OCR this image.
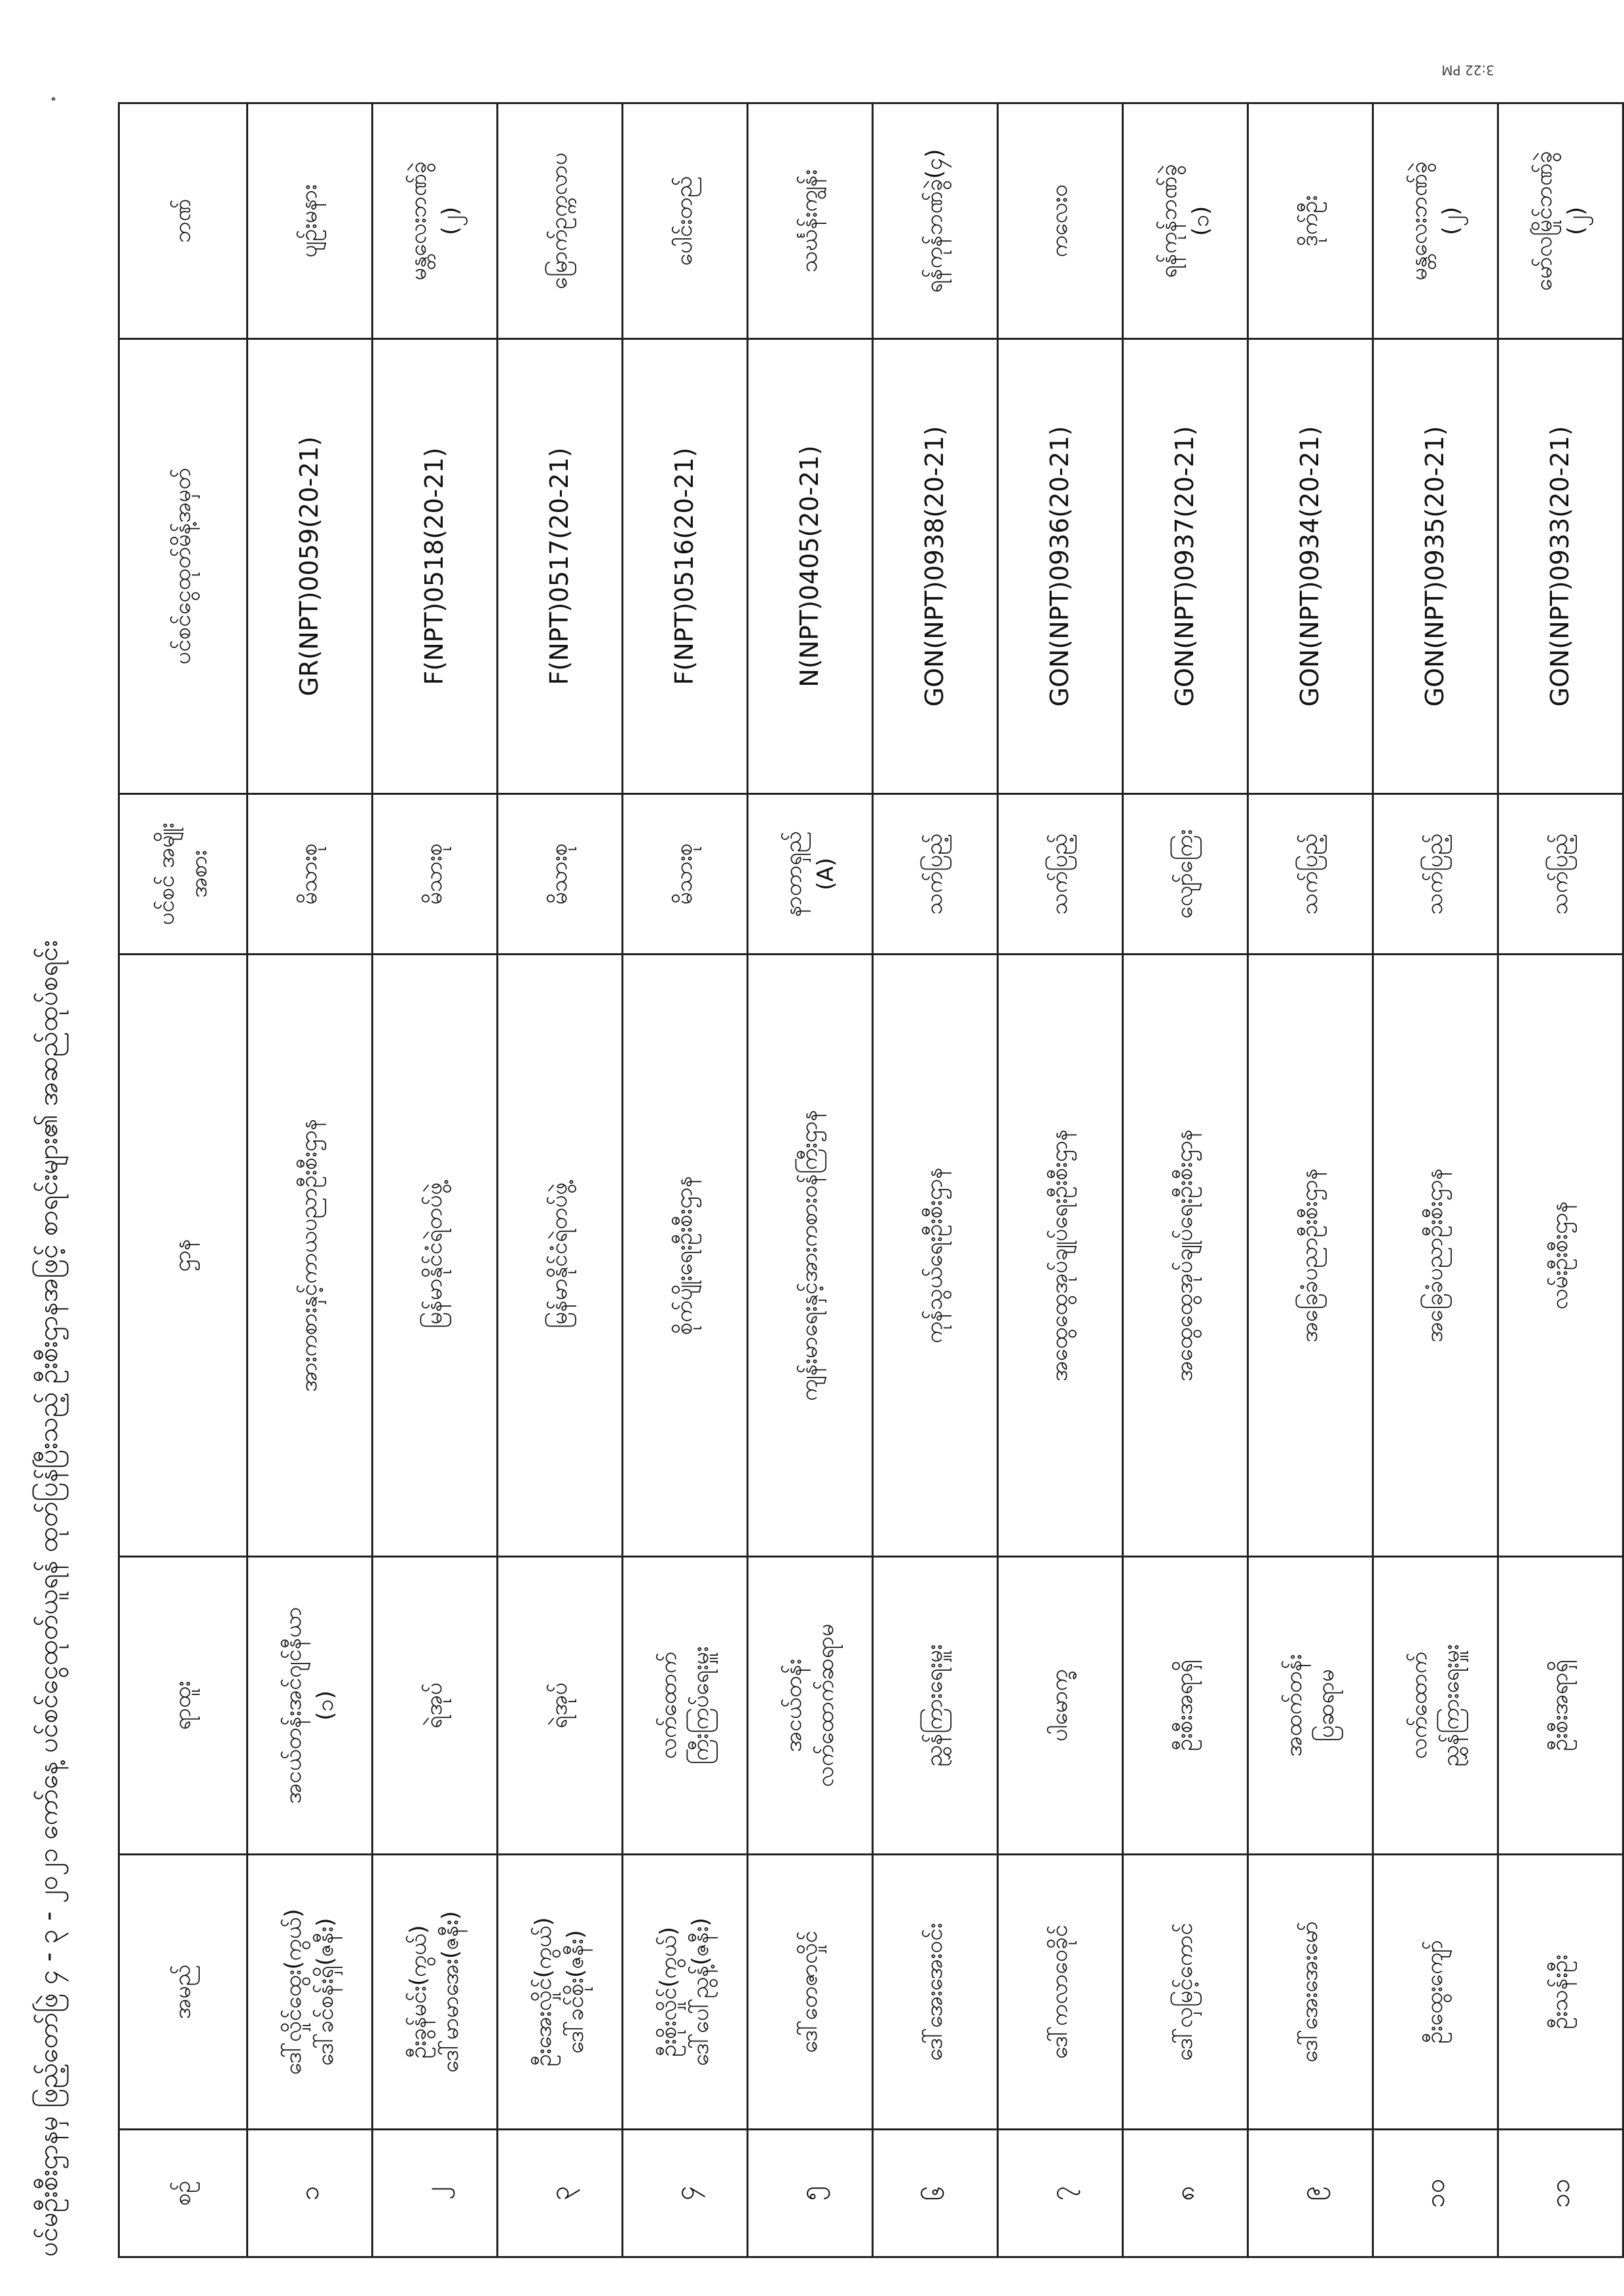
ပင်မဦးစီးဌာနမှ ဖြည့်တော်ဖြဲ ၄ - ၃ - ၂၀၂၁ ကော်နေ့ ပင်စင်ငွေထုတ်ယူရန် ထုတ်ပြန်ပြီးသည့် ဦးစီးဌာနအဖြင့် စာရင်းများ၏ အဆည်ထုပ်စရင်း
•
3:22 PM
စဉ်	အမည်	ရာထူး	ဌာန	ပင်စင် အမျိုးအစား	ပင်စင်ငွေထုတ်မိန့်အမှတ်	ဘဏ်
၁	ဒေါ်လှိုင်ထွေး(ကွယ်) ဒေါ်ခင်စန်းရှိ(ဇနီး)	အငယ်တန်းအင်ဂျင်နီယာ (၁)	အားကစားနှင့်ကာယပညာဦးစီးဌာန	မိသားစု	GR(NPT)0059(20-21)	ပျဉ်းမနား

၂	ဦးခွန်မင်း(ကွယ်) ဒေါ်မာမာအေး(ဇနီး)	ရဲအုပ်	မြန်မာနိုင်ငံရဲတပ်ဖွဲ့	မိသားစု	F(NPT)0518(20-21)	မန္တလေးဘဏ်ခွဲ (၂)

၃	ဦးအေးလှိုင်(ကွယ်) ဒေါ်ခင်စိုး(ဇနီး)	ရဲအုပ်	မြန်မာနိုင်ငံရဲတပ်ဖွဲ့	မိသားစု	F(NPT)0517(20-21)	မြောက်ဥက္ကလာပ

၄	ဦးစိုးလှိုင်(ကွယ်) ဒေါ်ပေါ်ညွန့်(ဇနီး)	လက်ထောက် ကြီးကြပ်ရေးမှူး	စိုက်ပျိုးရေးဦးစီးဌာန	မိသားစု	F(NPT)0516(20-21)	ပေါင်းတည်

၅	ဒေါ်တေဇာလှိုင်	အငယ်တန်း လက်ထောက်ဆရာမ	ကျန်းမာရေးနှင့်အားကစားဝန်ကြီးဌာန	နာတာရှည် (A)	N(NPT)0405(20-21)	သင်္ဃန်းကျွန်း

၆	ဒေါ်အေးအေးဝင်း	ညွှန်ကြားရေးမှူး	ကုန်သွယ်ရေးဦးစီးဌာန	သက်ပြည့်	GON(NPT)0938(20-21)	ရန်ကုန်ဘဏ်ခွဲ(၄)

၇	ဒေါ်ကလာဝေခိုင်	ပါမောက္ခ	အထွေထွေအုပ်ချုပ်ရေးဦးစီးဌာန	သက်ပြည့်	GON(NPT)0936(20-21)	ကလေးဝ

၈	ဒေါ်လှမြင့်ကောင်	ဦးစီးအရာရှိ	အထွေထွေအုပ်ချုပ်ရေးဦးစီးဌာန	လျော်ကြေး	GON(NPT)0937(20-21)	ရန်ကုန်ဘဏ်ခွဲ (၁)

၉	ဒေါ်အေးအေးမော်	အထက်တန်း ပြဆရာမ	အခြေခံပညာဦးစီးဌာန	သက်ပြည့်	GON(NPT)0934(20-21)	ဒိုက်ဦး

၁၀	ဦးထွေးကျော်	လက်ထောက် ညွှန်ကြားရေးမှူး	အခြေခံပညာဦးစီးဌာန	သက်ပြည့်	GON(NPT)0935(20-21)	မန္တလေးဘဏ်ခွဲ (၂)

၁၁	ဦးသန်းဦး	ဦးစီးအရာရှိ	လမ်းဦးစီးဌာန	သက်ပြည့်	GON(NPT)0933(20-21)	မော်လမြိုင်ဘဏ်ခွဲ (၂)
